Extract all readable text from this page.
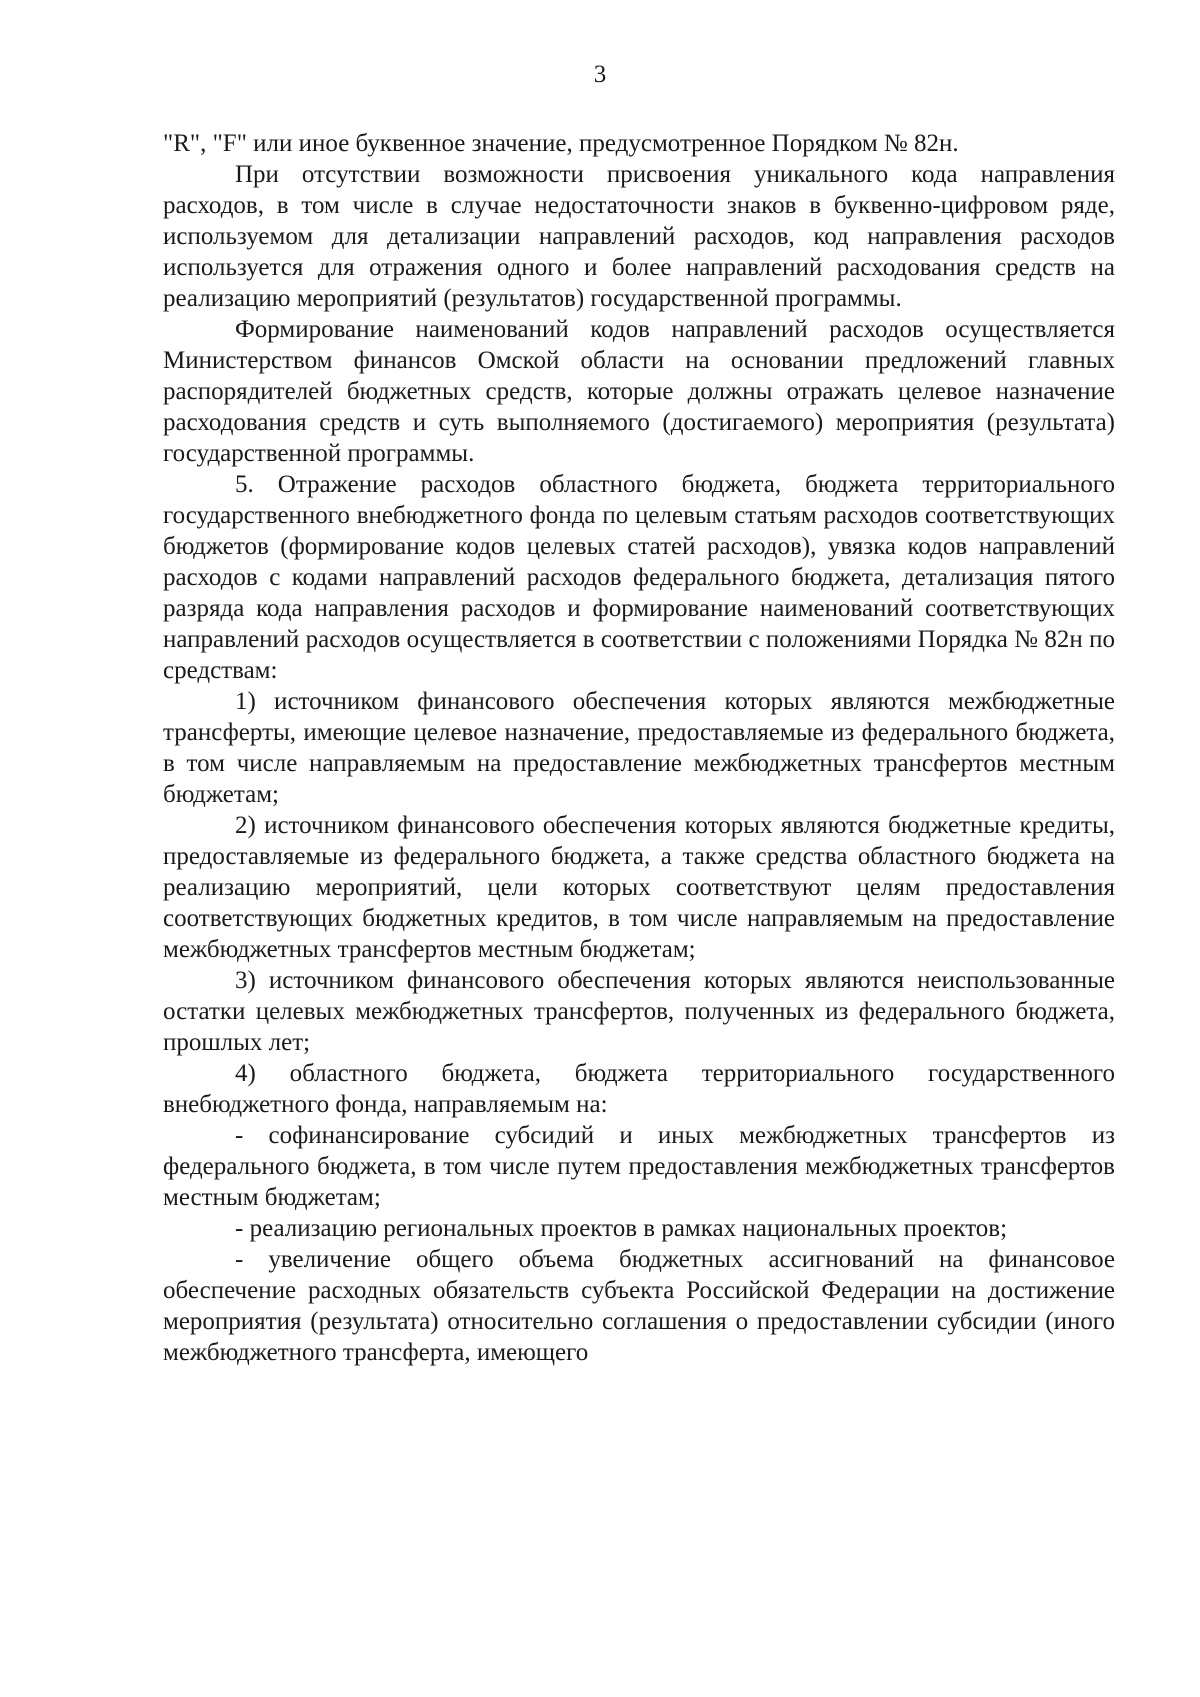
3

"R", "F" или иное буквенное значение, предусмотренное Порядком № 82н.

При отсутствии возможности присвоения уникального кода направления расходов, в том числе в случае недостаточности знаков в буквенно-цифровом ряде, используемом для детализации направлений расходов, код направления расходов используется для отражения одного и более направлений расходования средств на реализацию мероприятий (результатов) государственной программы.

Формирование наименований кодов направлений расходов осуществляется Министерством финансов Омской области на основании предложений главных распорядителей бюджетных средств, которые должны отражать целевое назначение расходования средств и суть выполняемого (достигаемого) мероприятия (результата) государственной программы.

5. Отражение расходов областного бюджета, бюджета территориального государственного внебюджетного фонда по целевым статьям расходов соответствующих бюджетов (формирование кодов целевых статей расходов), увязка кодов направлений расходов с кодами направлений расходов федерального бюджета, детализация пятого разряда кода направления расходов и формирование наименований соответствующих направлений расходов осуществляется в соответствии с положениями Порядка № 82н по средствам:

1) источником финансового обеспечения которых являются межбюджетные трансферты, имеющие целевое назначение, предоставляемые из федерального бюджета, в том числе направляемым на предоставление межбюджетных трансфертов местным бюджетам;

2) источником финансового обеспечения которых являются бюджетные кредиты, предоставляемые из федерального бюджета, а также средства областного бюджета на реализацию мероприятий, цели которых соответствуют целям предоставления соответствующих бюджетных кредитов, в том числе направляемым на предоставление межбюджетных трансфертов местным бюджетам;

3) источником финансового обеспечения которых являются неиспользованные остатки целевых межбюджетных трансфертов, полученных из федерального бюджета, прошлых лет;

4) областного бюджета, бюджета территориального государственного внебюджетного фонда, направляемым на:

- софинансирование субсидий и иных межбюджетных трансфертов из федерального бюджета, в том числе путем предоставления межбюджетных трансфертов местным бюджетам;

- реализацию региональных проектов в рамках национальных проектов;

- увеличение общего объема бюджетных ассигнований на финансовое обеспечение расходных обязательств субъекта Российской Федерации на достижение мероприятия (результата) относительно соглашения о предоставлении субсидии (иного межбюджетного трансферта, имеющего
